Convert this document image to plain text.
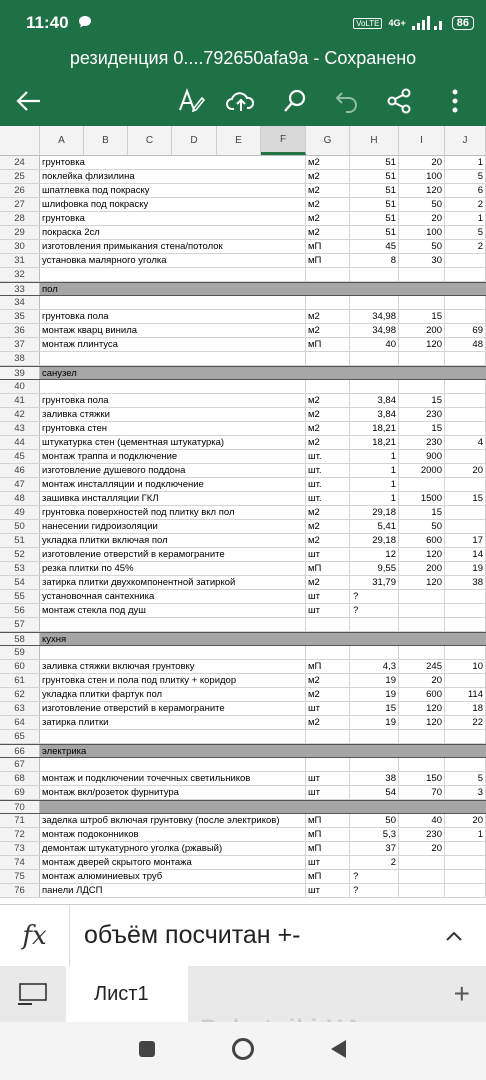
11:40	VoLTE	4G+	86
резиденция 0....792650afa9a - Сохранено
A	B	C	D	E	F	G	H	I	J
24	грунтовка	м2	51	20	1
25	поклейка флизилина	м2	51	100	5
26	шпатлевка под покраску	м2	51	120	6
27	шлифовка под покраску	м2	51	50	2
28	грунтовка	м2	51	20	1
29	покраска 2сл	м2	51	100	5
30	изготовления примыкания стена/потолок	мП	45	50	2
31	установка малярного уголка	мП	8	30
32
33	пол
34
35	грунтовка пола	м2	34,98	15
36	монтаж кварц винила	м2	34,98	200	69
37	монтаж плинтуса	мП	40	120	48
38
39	санузел
40
41	грунтовка пола	м2	3,84	15
42	заливка стяжки	м2	3,84	230
43	грунтовка стен	м2	18,21	15
44	штукатурка стен (цементная штукатурка)	м2	18,21	230	4
45	монтаж траппа и подключение	шт.	1	900
46	изготовление душевого поддона	шт.	1	2000	20
47	монтаж инсталляции и подключение	шт.	1
48	зашивка инсталляции ГКЛ	шт.	1	1500	15
49	грунтовка поверхностей под плитку вкл пол	м2	29,18	15
50	нанесении гидроизоляции	м2	5,41	50
51	укладка плитки включая пол	м2	29,18	600	17
52	изготовление отверстий в керамограните	шт	12	120	14
53	резка плитки по 45%	мП	9,55	200	19
54	затирка плитки двухкомпонентной затиркой	м2	31,79	120	38
55	установочная сантехника	шт	?
56	монтаж стекла под душ	шт	?
57
58	кухня
59
60	заливка стяжки включая грунтовку	мП	4,3	245	10
61	грунтовка стен и пола под плитку + коридор	м2	19	20
62	укладка плитки фартук пол	м2	19	600	114
63	изготовление отверстий в керамограните	шт	15	120	18
64	затирка плитки	м2	19	120	22
65
66	электрика
67
68	монтаж и подключении точечных светильников	шт	38	150	5
69	монтаж вкл/розеток фурнитура	шт	54	70	3
70
71	заделка штроб включая грунтовку (после электриков)	мП	50	40	20
72	монтаж подоконников	мП	5,3	230	1
73	демонтаж штукатурного уголка (ржавый)	мП	37	20
74	монтаж дверей скрытого монтажа	шт	2
75	монтаж алюминиевых труб	мП	?
76	панели ЛДСП	шт	?
fx	объём посчитан +-
Лист1	+
